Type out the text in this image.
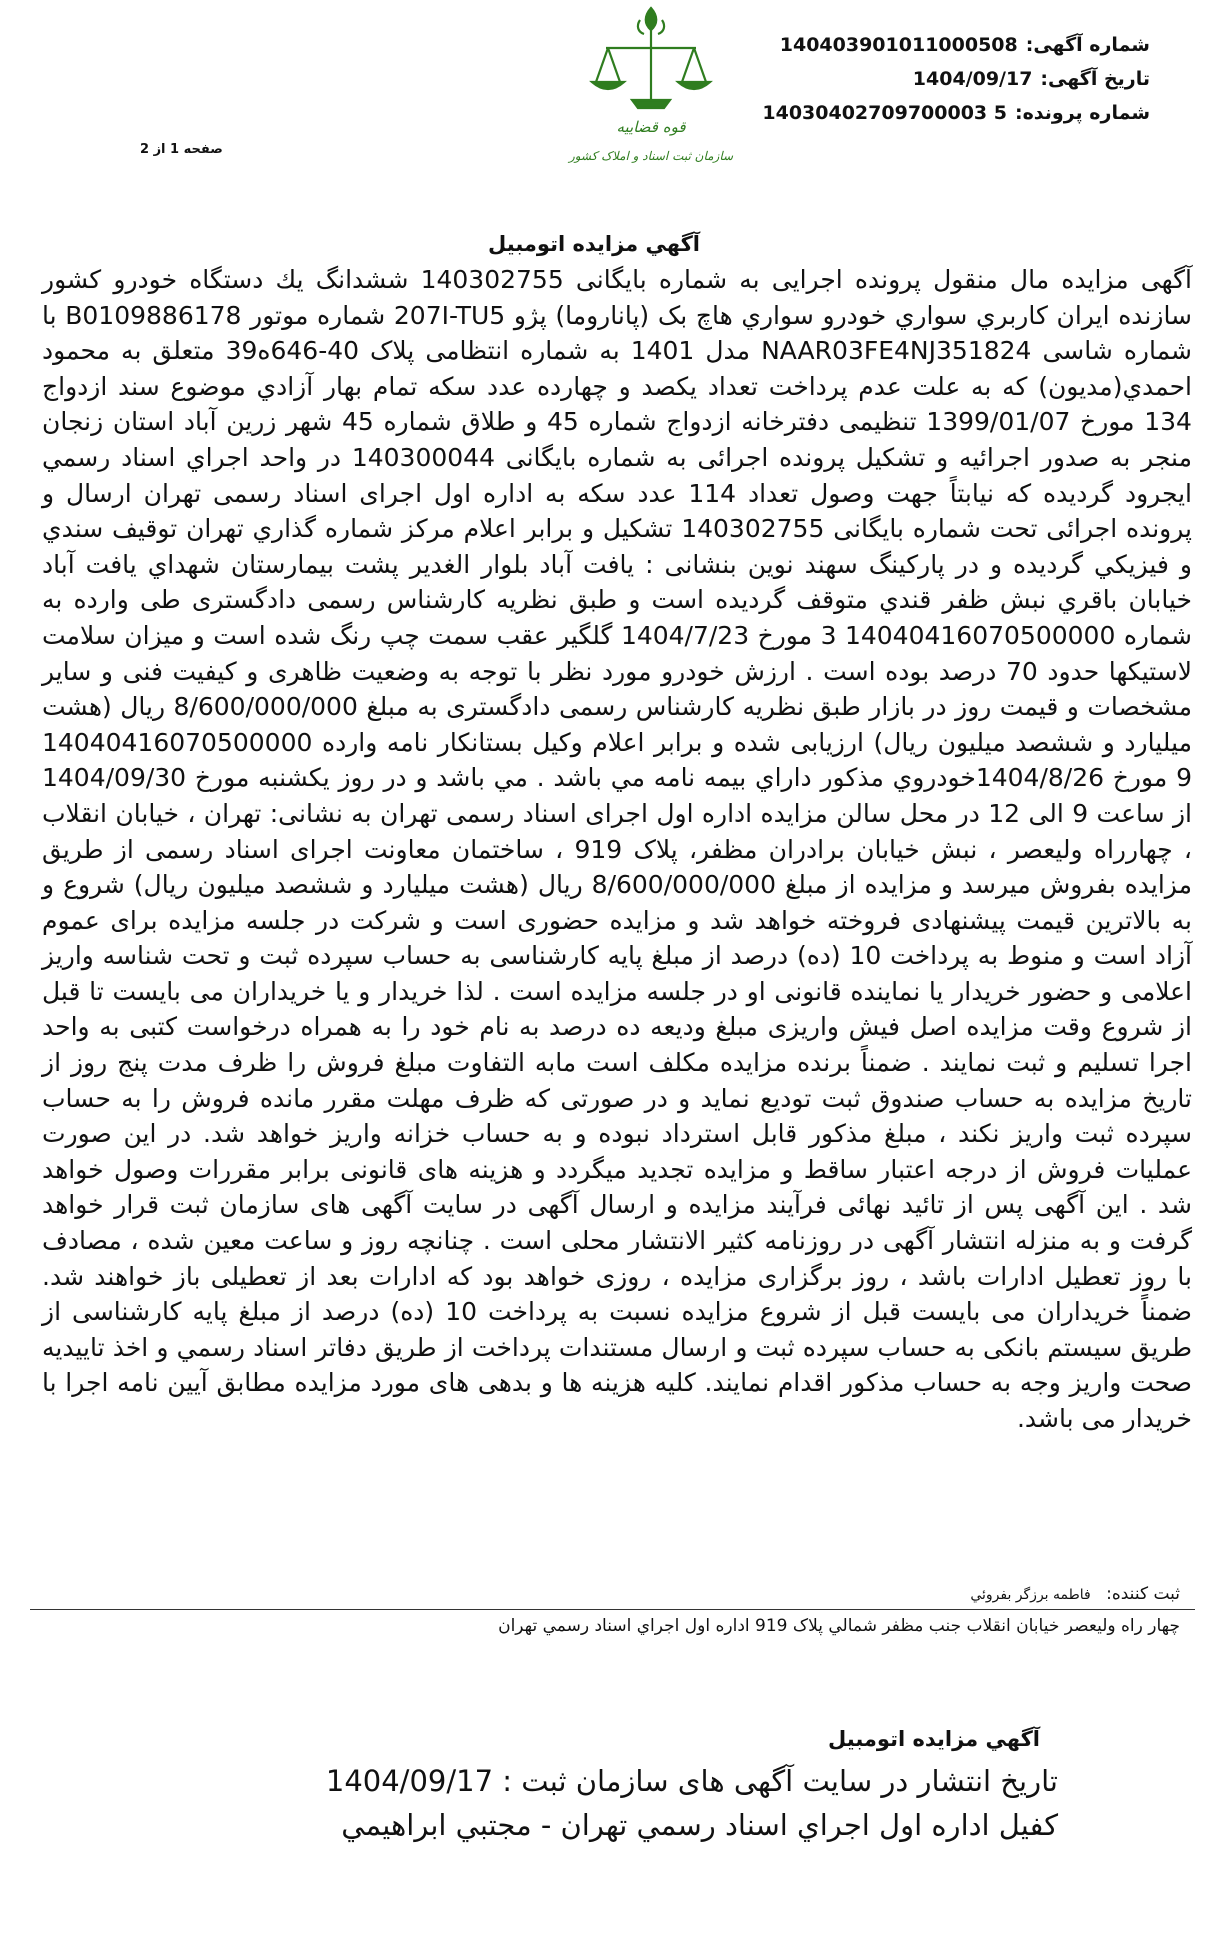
قوه قضاییه
سازمان ثبت اسناد و املاک کشور
شماره آگهی:140403901011000508
تاریخ آگهی:1404/09/17
شماره پرونده:14030402709700003 5
صفحه 1 از 2
آگهي مزايده اتومبيل
آگهی مزایده مال منقول پرونده اجرایی به شماره بایگانی 140302755 ششدانگ يك دستگاه خودرو كشور سازنده ايران كاربري سواري خودرو سواري هاچ بک (پاناروما) پژو 207I-TU5 شماره موتور B0109886178 با شماره شاسی NAAR03FE4NJ351824 مدل 1401 به شماره انتظامی پلاک 40-646ه39 متعلق به محمود احمدي(مديون) كه به علت عدم پرداخت تعداد يكصد و چهارده عدد سكه تمام بهار آزادي موضوع سند ازدواج 134 مورخ 1399/01/07 تنظیمی دفترخانه ازدواج شماره 45 و طلاق شماره 45 شهر زرين آباد استان زنجان منجر به صدور اجرائیه و تشکیل پرونده اجرائی به شماره بایگانی 140300044 در واحد اجراي اسناد رسمي ايجرود گرديده كه نيابتاً جهت وصول تعداد 114 عدد سكه به اداره اول اجرای اسناد رسمی تهران ارسال و پرونده اجرائی تحت شماره بایگانی 140302755 تشكيل و برابر اعلام مركز شماره گذاري تهران توقيف سندي و فيزيكي گرديده و در پاركينگ سهند نوين بنشانی : يافت آباد بلوار الغدير پشت بيمارستان شهداي يافت آباد خيابان باقري نبش ظفر قندي متوقف گردیده است و طبق نظریه کارشناس رسمی دادگستری طی وارده به شماره 14040416070500000 3 مورخ 1404/7/23 گلگير عقب سمت چپ رنگ شده است و ميزان سلامت لاستيكها حدود 70 درصد بوده است . ارزش خودرو مورد نظر با توجه به وضعیت ظاهری و کیفیت فنی و سایر مشخصات و قیمت روز در بازار طبق نظریه کارشناس رسمی دادگستری به مبلغ 8/600/000/000 ريال (هشت ميليارد و ششصد ميليون ريال) ارزیابی شده و برابر اعلام وكيل بستانكار نامه وارده 14040416070500000 9 مورخ 1404/8/26خودروي مذكور داراي بيمه نامه مي باشد . مي باشد و در روز یکشنبه مورخ 1404/09/30 از ساعت 9 الی 12 در محل سالن مزایده اداره اول اجرای اسناد رسمی تهران به نشانی: تهران ، خیابان انقلاب ، چهارراه ولیعصر ، نبش خیابان برادران مظفر، پلاک 919 ، ساختمان معاونت اجرای اسناد رسمی از طریق مزایده بفروش میرسد و مزایده از مبلغ 8/600/000/000 ريال (هشت ميليارد و ششصد ميليون ريال) شروع و به بالاترین قیمت پیشنهادی فروخته خواهد شد و مزایده حضوری است و شرکت در جلسه مزایده برای عموم آزاد است و منوط به پرداخت 10 (ده) درصد از مبلغ پایه کارشناسی به حساب سپرده ثبت و تحت شناسه واریز اعلامی و حضور خریدار یا نماینده قانونی او در جلسه مزایده است . لذا خریدار و یا خریداران می بایست تا قبل از شروع وقت مزایده اصل فیش واریزی مبلغ ودیعه ده درصد به نام خود را به همراه درخواست کتبی به واحد اجرا تسلیم و ثبت نمایند . ضمناً برنده مزایده مکلف است مابه التفاوت مبلغ فروش را ظرف مدت پنج روز از تاریخ مزایده به حساب صندوق ثبت تودیع نماید و در صورتی که ظرف مهلت مقرر مانده فروش را به حساب سپرده ثبت واریز نکند ، مبلغ مذکور قابل استرداد نبوده و به حساب خزانه واریز خواهد شد. در این صورت عملیات فروش از درجه اعتبار ساقط و مزایده تجدید میگردد و هزینه های قانونی برابر مقررات وصول خواهد شد . این آگهی پس از تائید نهائی فرآیند مزایده و ارسال آگهی در سایت آگهی های سازمان ثبت قرار خواهد گرفت و به منزله انتشار آگهی در روزنامه کثیر الانتشار محلی است . چنانچه روز و ساعت معین شده ، مصادف با روز تعطیل ادارات باشد ، روز برگزاری مزایده ، روزی خواهد بود که ادارات بعد از تعطیلی باز خواهند شد. ضمناً خریداران می بایست قبل از شروع مزایده نسبت به پرداخت 10 (ده) درصد از مبلغ پایه کارشناسی از طریق سیستم بانکی به حساب سپرده ثبت و ارسال مستندات پرداخت از طريق دفاتر اسناد رسمي و اخذ تاييديه صحت واريز وجه به حساب مذكور اقدام نمايند. کلیه هزینه ها و بدهی های مورد مزایده مطابق آیین نامه اجرا با خریدار می باشد.
ثبت کننده: فاطمه برزگر بفروئي
چهار راه وليعصر خيابان انقلاب جنب مظفر شمالي پلاک 919 اداره اول اجراي اسناد رسمي تهران
آگهي مزايده اتومبيل
تاريخ انتشار در سايت آگهی های سازمان ثبت : 1404/09/17
کفيل اداره اول اجراي اسناد رسمي تهران - مجتبي ابراهيمي
